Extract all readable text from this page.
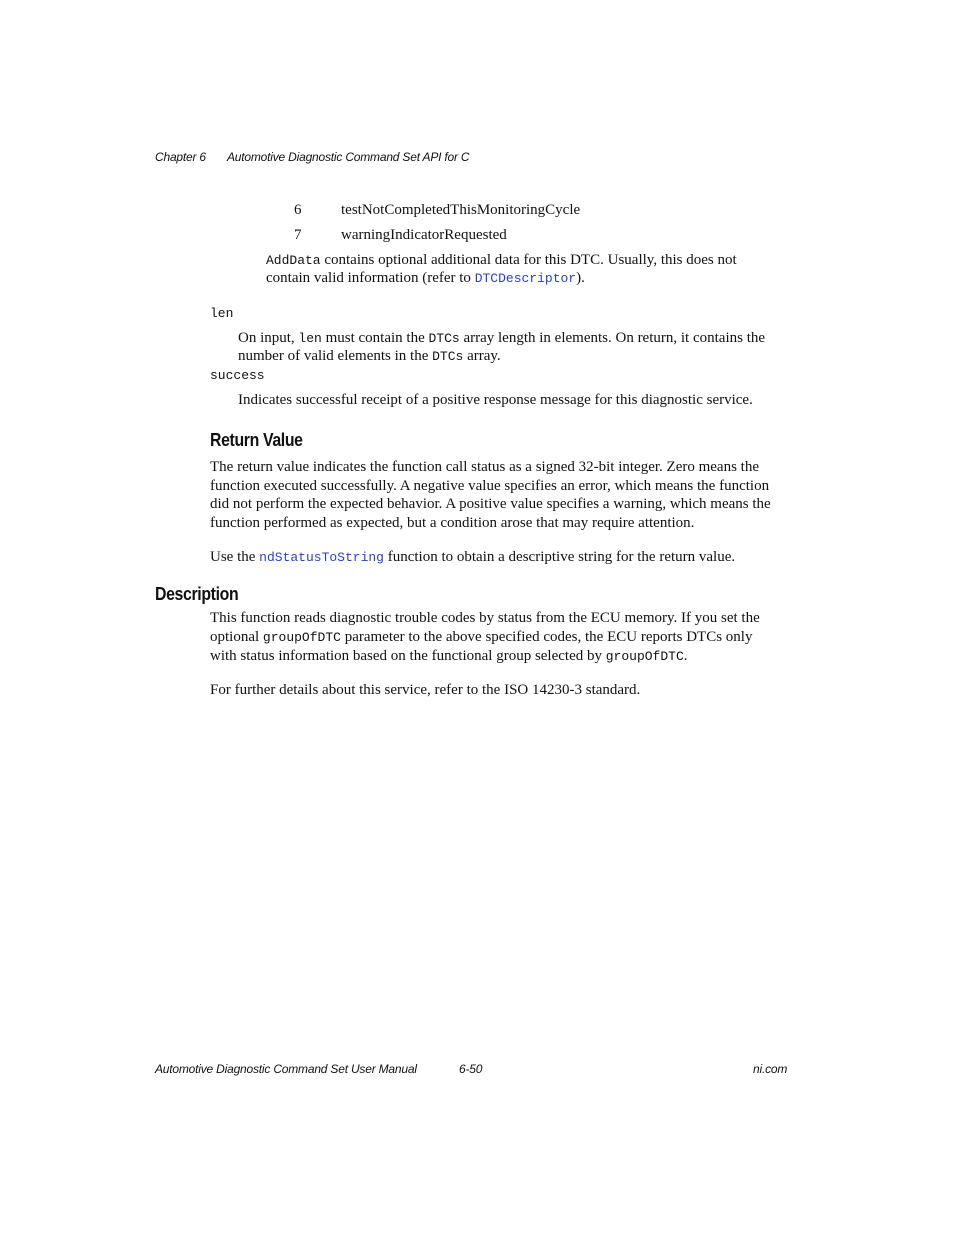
Chapter 6 Automotive Diagnostic Command Set API for C
6	testNotCompletedThisMonitoringCycle
7	warningIndicatorRequested
AddData contains optional additional data for this DTC. Usually, this does not
contain valid information (refer to DTCDescriptor).
len
On input, len must contain the DTCs array length in elements. On return, it contains the
number of valid elements in the DTCs array.
success
Indicates successful receipt of a positive response message for this diagnostic service.
Return Value
The return value indicates the function call status as a signed 32-bit integer. Zero means the
function executed successfully. A negative value specifies an error, which means the function
did not perform the expected behavior. A positive value specifies a warning, which means the
function performed as expected, but a condition arose that may require attention.
Use the ndStatusToString function to obtain a descriptive string for the return value.
Description
This function reads diagnostic trouble codes by status from the ECU memory. If you set the
optional groupOfDTC parameter to the above specified codes, the ECU reports DTCs only
with status information based on the functional group selected by groupOfDTC.
For further details about this service, refer to the ISO 14230-3 standard.
Automotive Diagnostic Command Set User Manual	6-50	ni.com
